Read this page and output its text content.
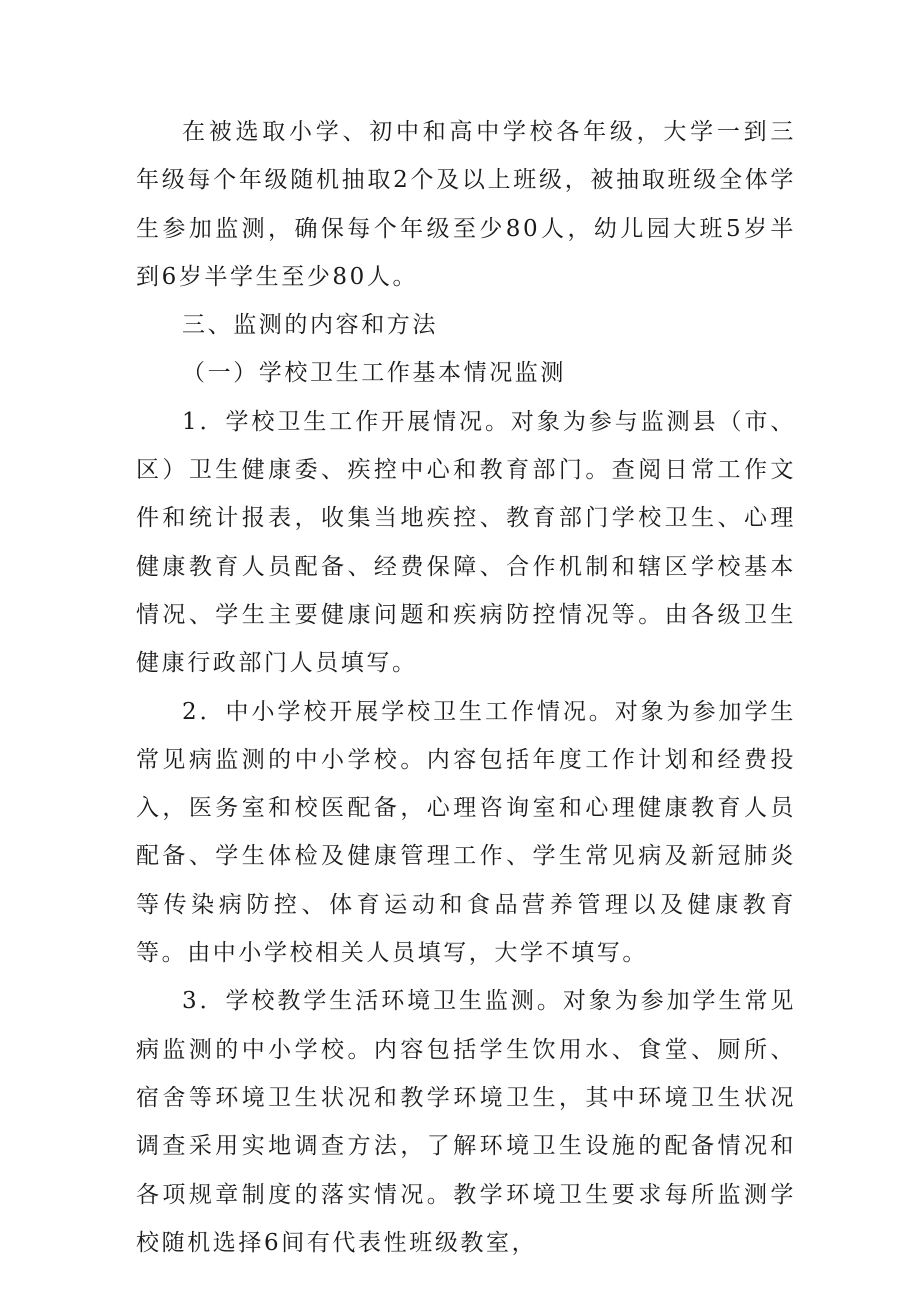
在被选取小学、初中和高中学校各年级，大学一到三年级每个年级随机抽取2个及以上班级，被抽取班级全体学生参加监测，确保每个年级至少80人，幼儿园大班5岁半到6岁半学生至少80人。

三、监测的内容和方法

（一）学校卫生工作基本情况监测

1．学校卫生工作开展情况。对象为参与监测县（市、区）卫生健康委、疾控中心和教育部门。查阅日常工作文件和统计报表，收集当地疾控、教育部门学校卫生、心理健康教育人员配备、经费保障、合作机制和辖区学校基本情况、学生主要健康问题和疾病防控情况等。由各级卫生健康行政部门人员填写。

2．中小学校开展学校卫生工作情况。对象为参加学生常见病监测的中小学校。内容包括年度工作计划和经费投入，医务室和校医配备，心理咨询室和心理健康教育人员配备、学生体检及健康管理工作、学生常见病及新冠肺炎等传染病防控、体育运动和食品营养管理以及健康教育等。由中小学校相关人员填写，大学不填写。

3．学校教学生活环境卫生监测。对象为参加学生常见病监测的中小学校。内容包括学生饮用水、食堂、厕所、宿舍等环境卫生状况和教学环境卫生，其中环境卫生状况调查采用实地调查方法，了解环境卫生设施的配备情况和各项规章制度的落实情况。教学环境卫生要求每所监测学校随机选择6间有代表性班级教室，
